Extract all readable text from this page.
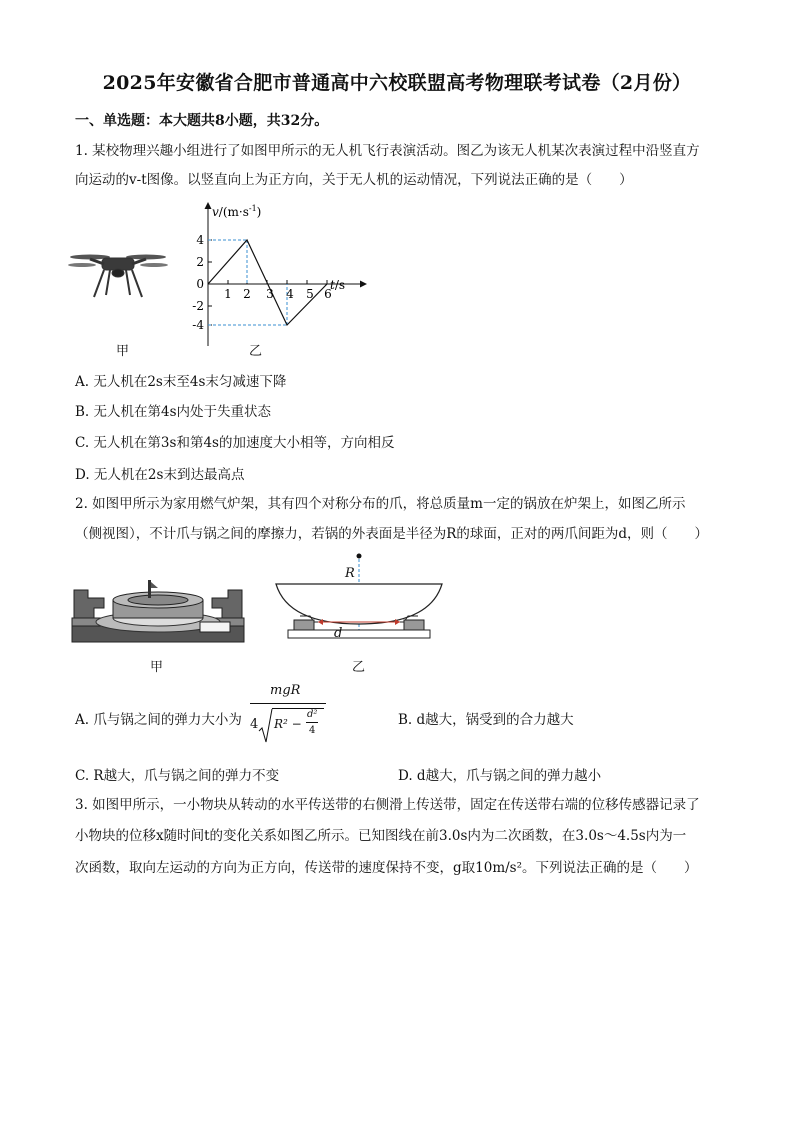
2025年安徽省合肥市普通高中六校联盟高考物理联考试卷（2月份）
一、单选题：本大题共8小题，共32分。
1. 某校物理兴趣小组进行了如图甲所示的无人机飞行表演活动。图乙为该无人机某次表演过程中沿竖直方
向运动的v-t图像。以竖直向上为正方向，关于无人机的运动情况，下列说法正确的是（　　）
甲
$v/(m\cdot s^{-1})$
t/s
4
2
0
-2
-4
1 2 3 4 5 6
乙
A. 无人机在2s末至4s末匀减速下降
B. 无人机在第4s内处于失重状态
C. 无人机在第3s和第4s的加速度大小相等，方向相反
D. 无人机在2s末到达最高点
2. 如图甲所示为家用燃气炉架，其有四个对称分布的爪，将总质量m一定的锅放在炉架上，如图乙所示
（侧视图），不计爪与锅之间的摩擦力，若锅的外表面是半径为R的球面，正对的两爪间距为d，则（　　）
甲
R
d
乙
A. 爪与锅之间的弹力大小为
mgR
4 R² −
d²
4
B. d越大，锅受到的合力越大
C. R越大，爪与锅之间的弹力不变	D. d越大，爪与锅之间的弹力越小
3. 如图甲所示，一小物块从转动的水平传送带的右侧滑上传送带，固定在传送带右端的位移传感器记录了
小物块的位移x随时间t的变化关系如图乙所示。已知图线在前3.0s内为二次函数，在3.0s～4.5s内为一
次函数，取向左运动的方向为正方向，传送带的速度保持不变，g取10m/s²。下列说法正确的是（　　）
